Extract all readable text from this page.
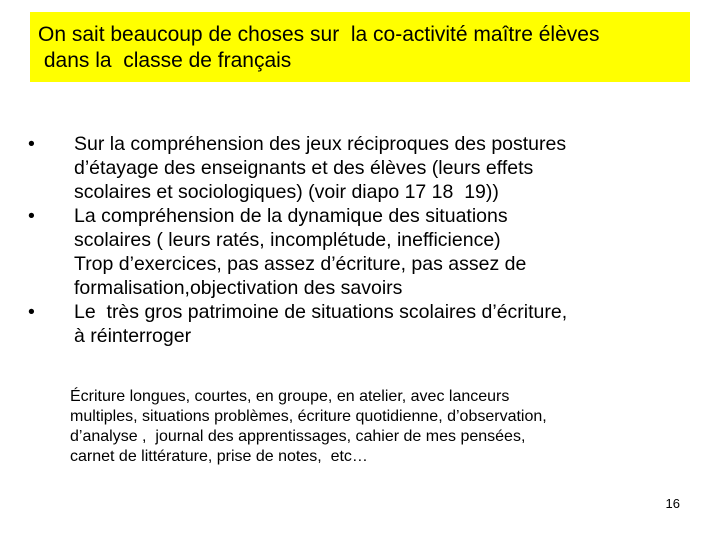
On sait beaucoup de choses sur  la co-activité maître élèves
dans la  classe de français
•	Sur la compréhension des jeux réciproques des postures
d’étayage des enseignants et des élèves (leurs effets
scolaires et sociologiques) (voir diapo 17 18  19))
•	La compréhension de la dynamique des situations
scolaires ( leurs ratés, incomplétude, inefficience)
Trop d’exercices, pas assez d’écriture, pas assez de
formalisation,objectivation des savoirs
•	Le  très gros patrimoine de situations scolaires d’écriture,
à réinterroger
Écriture longues, courtes, en groupe, en atelier, avec lanceurs
multiples, situations problèmes, écriture quotidienne, d’observation,
d’analyse ,  journal des apprentissages, cahier de mes pensées,
carnet de littérature, prise de notes,  etc…
16
